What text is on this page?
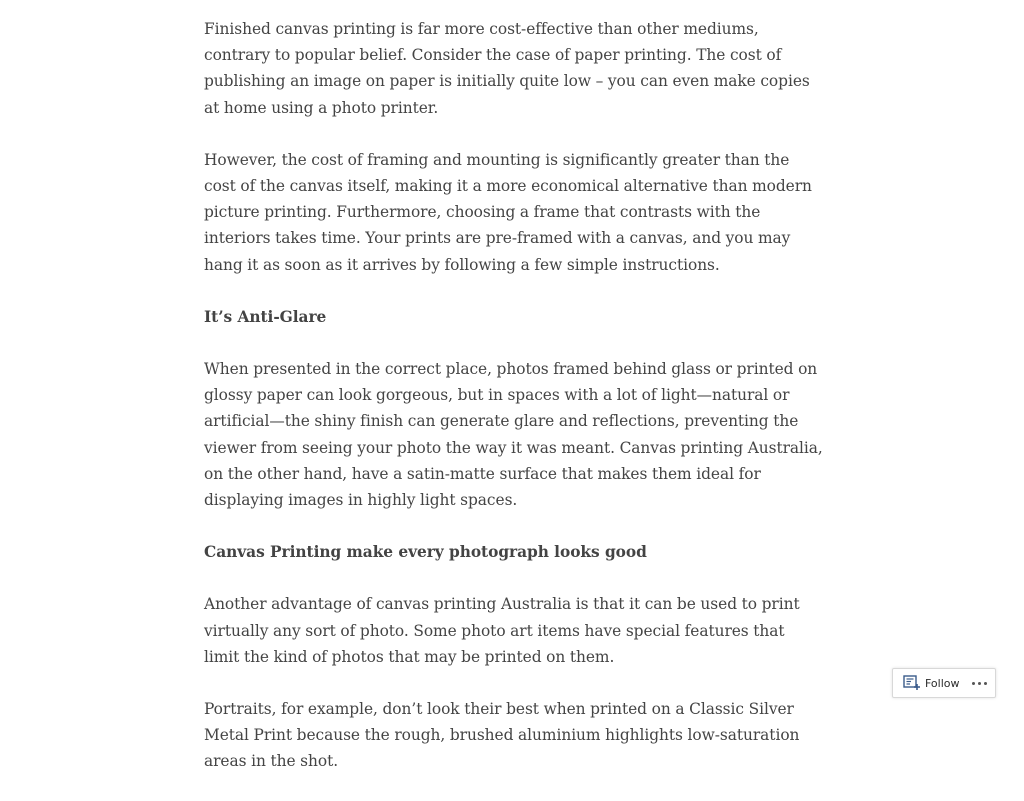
Finished canvas printing is far more cost-effective than other mediums, contrary to popular belief. Consider the case of paper printing. The cost of publishing an image on paper is initially quite low – you can even make copies at home using a photo printer.

However, the cost of framing and mounting is significantly greater than the cost of the canvas itself, making it a more economical alternative than modern picture printing. Furthermore, choosing a frame that contrasts with the interiors takes time. Your prints are pre-framed with a canvas, and you may hang it as soon as it arrives by following a few simple instructions.

It’s Anti-Glare

When presented in the correct place, photos framed behind glass or printed on glossy paper can look gorgeous, but in spaces with a lot of light—natural or artificial—the shiny finish can generate glare and reflections, preventing the viewer from seeing your photo the way it was meant. Canvas printing Australia, on the other hand, have a satin-matte surface that makes them ideal for displaying images in highly light spaces.

Canvas Printing make every photograph looks good

Another advantage of canvas printing Australia is that it can be used to print virtually any sort of photo. Some photo art items have special features that limit the kind of photos that may be printed on them.

Portraits, for example, don’t look their best when printed on a Classic Silver Metal Print because the rough, brushed aluminium highlights low-saturation areas in the shot.

Follow
